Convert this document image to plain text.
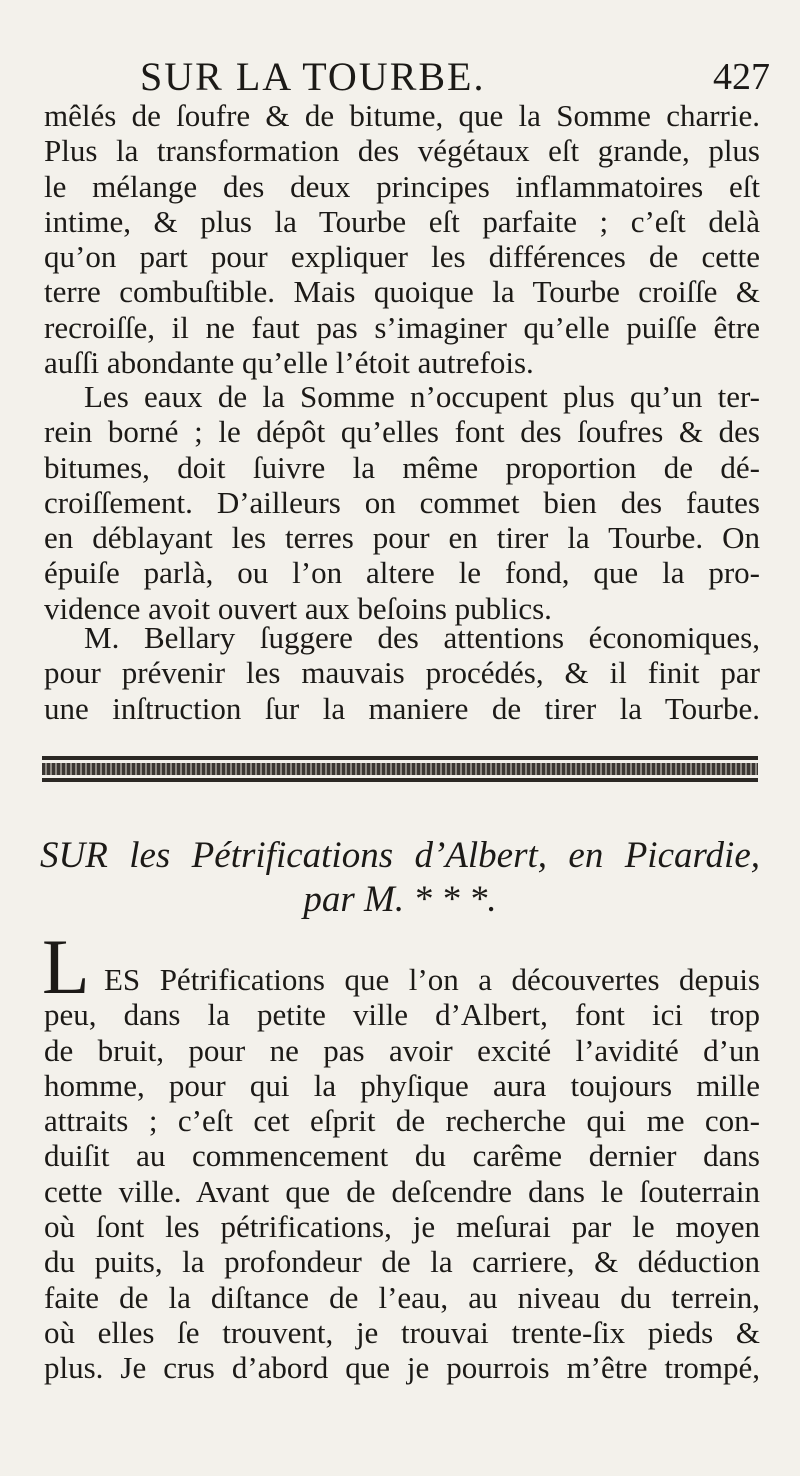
SUR LA TOURBE.	427
mêlés de ſoufre & de bitume, que la Somme charrie.
Plus la transformation des végétaux eſt grande, plus
le mélange des deux principes inflammatoires eſt
intime, & plus la Tourbe eſt parfaite ; c’eſt delà
qu’on part pour expliquer les différences de cette
terre combuſtible. Mais quoique la Tourbe croiſſe &
recroiſſe, il ne faut pas s’imaginer qu’elle puiſſe être
auſſi abondante qu’elle l’étoit autrefois.
Les eaux de la Somme n’occupent plus qu’un ter-
rein borné ; le dépôt qu’elles font des ſoufres & des
bitumes, doit ſuivre la même proportion de dé-
croiſſement. D’ailleurs on commet bien des fautes
en déblayant les terres pour en tirer la Tourbe. On
épuiſe parlà, ou l’on altere le fond, que la pro-
vidence avoit ouvert aux beſoins publics.
M. Bellary ſuggere des attentions économiques,
pour prévenir les mauvais procédés, & il finit par
une inſtruction ſur la maniere de tirer la Tourbe.
SUR les Pétrifications d’Albert, en Picardie,
par M. * * *.
L ES Pétrifications que l’on a découvertes depuis
peu, dans la petite ville d’Albert, font ici trop
de bruit, pour ne pas avoir excité l’avidité d’un
homme, pour qui la phyſique aura toujours mille
attraits ; c’eſt cet eſprit de recherche qui me con-
duiſit au commencement du carême dernier dans
cette ville. Avant que de deſcendre dans le ſouterrain
où ſont les pétrifications, je meſurai par le moyen
du puits, la profondeur de la carriere, & déduction
faite de la diſtance de l’eau, au niveau du terrein,
où elles ſe trouvent, je trouvai trente-ſix pieds &
plus. Je crus d’abord que je pourrois m’être trompé,
